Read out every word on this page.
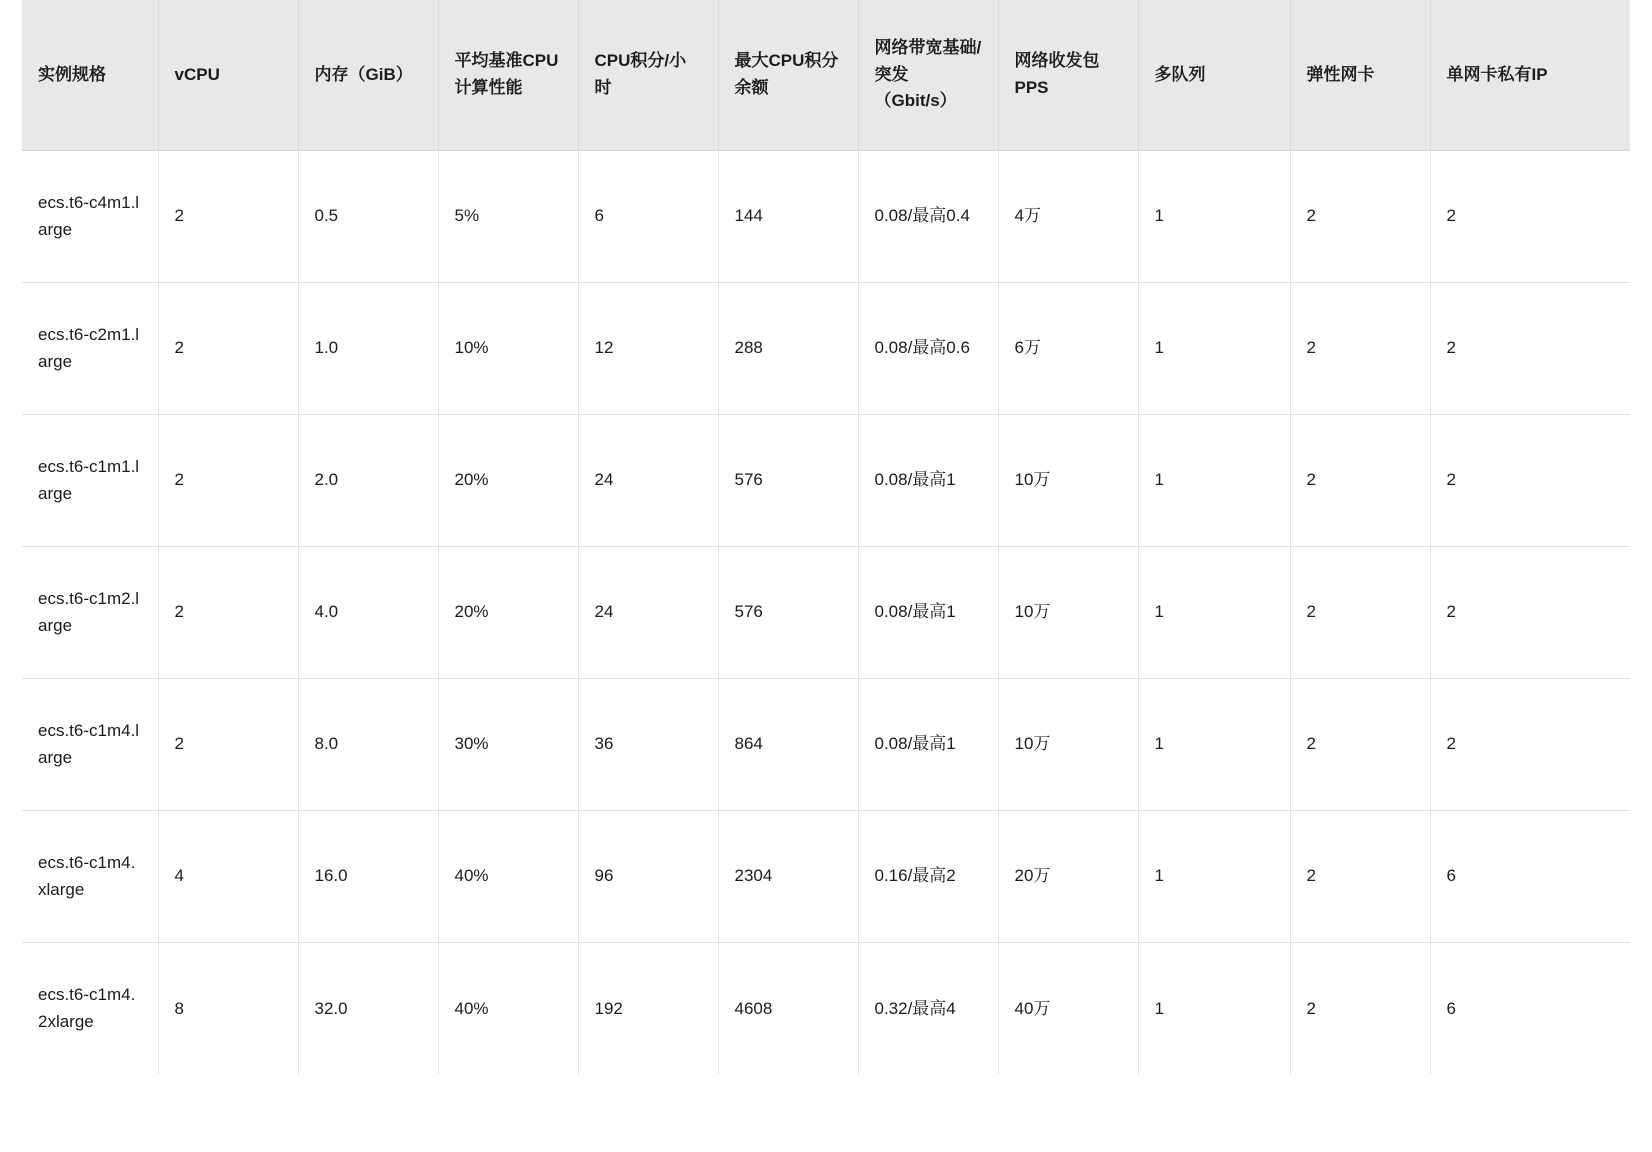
实例规格	vCPU	内存（GiB）	平均基准CPU计算性能	CPU积分/小时	最大CPU积分余额	网络带宽基础/突发（Gbit/s）	网络收发包PPS	多队列	弹性网卡	单网卡私有IP
ecs.t6-c4m1.large	2	0.5	5%	6	144	0.08/最高0.4	4万	1	2	2
ecs.t6-c2m1.large	2	1.0	10%	12	288	0.08/最高0.6	6万	1	2	2
ecs.t6-c1m1.large	2	2.0	20%	24	576	0.08/最高1	10万	1	2	2
ecs.t6-c1m2.large	2	4.0	20%	24	576	0.08/最高1	10万	1	2	2
ecs.t6-c1m4.large	2	8.0	30%	36	864	0.08/最高1	10万	1	2	2
ecs.t6-c1m4.xlarge	4	16.0	40%	96	2304	0.16/最高2	20万	1	2	6
ecs.t6-c1m4.2xlarge	8	32.0	40%	192	4608	0.32/最高4	40万	1	2	6
